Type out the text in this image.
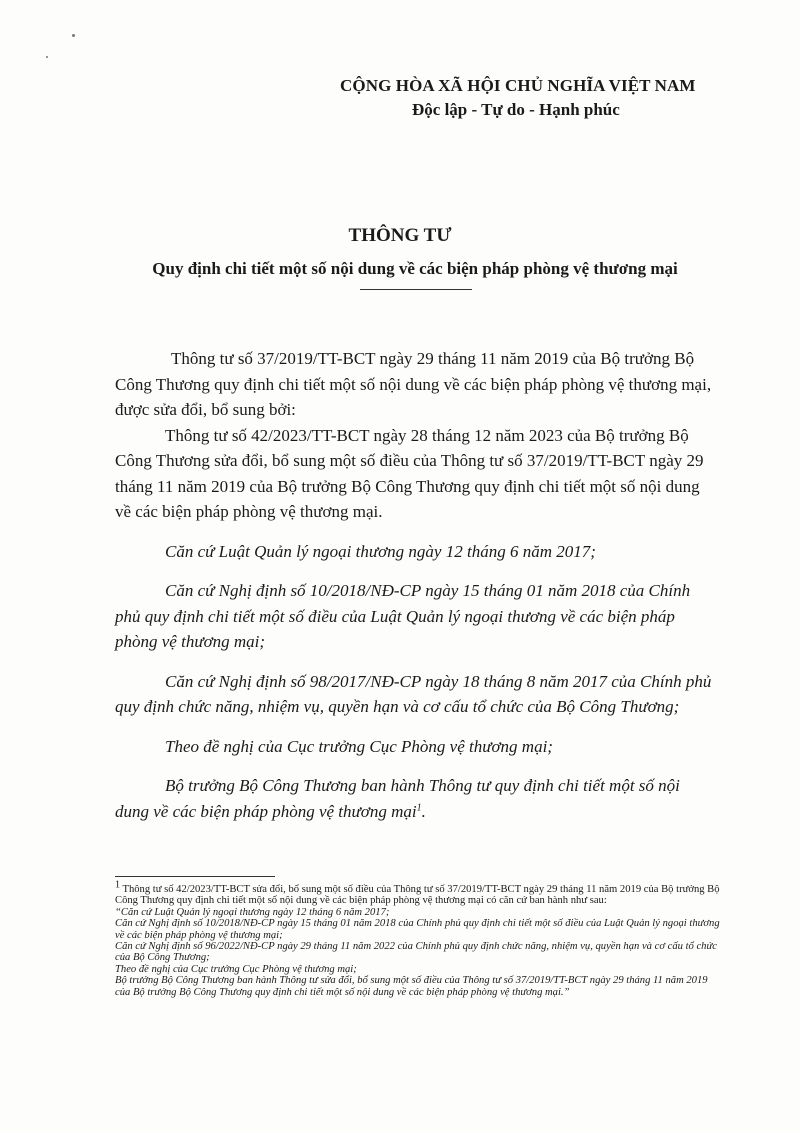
CỘNG HÒA XÃ HỘI CHỦ NGHĨA VIỆT NAM
Độc lập - Tự do - Hạnh phúc
THÔNG TƯ
Quy định chi tiết một số nội dung về các biện pháp phòng vệ thương mại

Thông tư số 37/2019/TT-BCT ngày 29 tháng 11 năm 2019 của Bộ trưởng Bộ Công Thương quy định chi tiết một số nội dung về các biện pháp phòng vệ thương mại, được sửa đổi, bổ sung bởi:

Thông tư số 42/2023/TT-BCT ngày 28 tháng 12 năm 2023 của Bộ trưởng Bộ Công Thương sửa đổi, bổ sung một số điều của Thông tư số 37/2019/TT-BCT ngày 29 tháng 11 năm 2019 của Bộ trưởng Bộ Công Thương quy định chi tiết một số nội dung về các biện pháp phòng vệ thương mại.

Căn cứ Luật Quản lý ngoại thương ngày 12 tháng 6 năm 2017;

Căn cứ Nghị định số 10/2018/NĐ-CP ngày 15 tháng 01 năm 2018 của Chính phủ quy định chi tiết một số điều của Luật Quản lý ngoại thương về các biện pháp phòng vệ thương mại;

Căn cứ Nghị định số 98/2017/NĐ-CP ngày 18 tháng 8 năm 2017 của Chính phủ quy định chức năng, nhiệm vụ, quyền hạn và cơ cấu tổ chức của Bộ Công Thương;

Theo đề nghị của Cục trưởng Cục Phòng vệ thương mại;

Bộ trưởng Bộ Công Thương ban hành Thông tư quy định chi tiết một số nội dung về các biện pháp phòng vệ thương mại$^1$.

$^1$ Thông tư số 42/2023/TT-BCT sửa đổi, bổ sung một số điều của Thông tư số 37/2019/TT-BCT ngày 29 tháng 11 năm 2019 của Bộ trưởng Bộ Công Thương quy định chi tiết một số nội dung về các biện pháp phòng vệ thương mại có căn cứ ban hành như sau:

“Căn cứ Luật Quản lý ngoại thương ngày 12 tháng 6 năm 2017;

Căn cứ Nghị định số 10/2018/NĐ-CP ngày 15 tháng 01 năm 2018 của Chính phủ quy định chi tiết một số điều của Luật Quản lý ngoại thương về các biện pháp phòng vệ thương mại;

Căn cứ Nghị định số 96/2022/NĐ-CP ngày 29 tháng 11 năm 2022 của Chính phủ quy định chức năng, nhiệm vụ, quyền hạn và cơ cấu tổ chức của Bộ Công Thương;

Theo đề nghị của Cục trưởng Cục Phòng vệ thương mại;

Bộ trưởng Bộ Công Thương ban hành Thông tư sửa đổi, bổ sung một số điều của Thông tư số 37/2019/TT-BCT ngày 29 tháng 11 năm 2019 của Bộ trưởng Bộ Công Thương quy định chi tiết một số nội dung về các biện pháp phòng vệ thương mại.”
